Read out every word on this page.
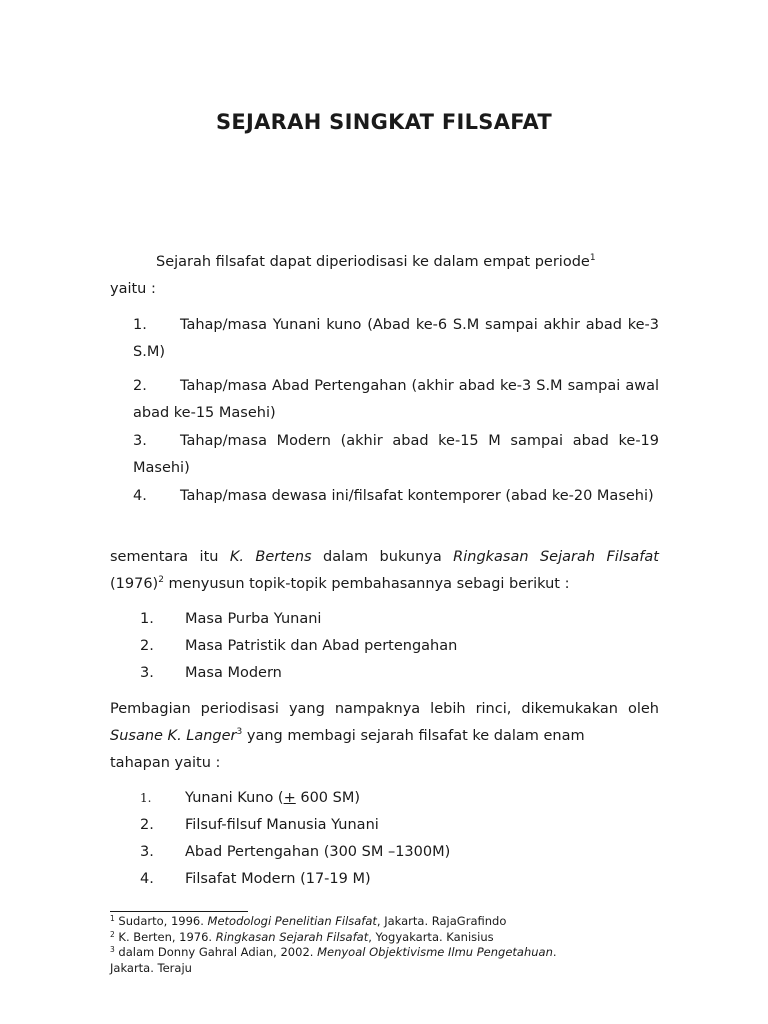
SEJARAH SINGKAT FILSAFAT
Sejarah filsafat dapat diperiodisasi ke dalam empat periode$^1$
yaitu :
1. Tahap/masa Yunani kuno (Abad ke-6 S.M sampai akhir abad ke-3 S.M)
2. Tahap/masa Abad Pertengahan (akhir abad ke-3 S.M sampai awal abad ke-15 Masehi)
3. Tahap/masa Modern (akhir abad ke-15 M sampai abad ke-19 Masehi)
4. Tahap/masa dewasa ini/filsafat kontemporer (abad ke-20 Masehi)
sementara itu K. Bertens dalam bukunya Ringkasan Sejarah Filsafat $(1976)^2$ menyusun topik-topik pembahasannya sebagi berikut :
1. Masa Purba Yunani
2. Masa Patristik dan Abad pertengahan
3. Masa Modern
Pembagian periodisasi yang nampaknya lebih rinci, dikemukakan oleh Susane K. Langer$^3$ yang membagi sejarah filsafat ke dalam enam
tahapan yaitu :
1. Yunani Kuno (+ 600 SM)
2. Filsuf-filsuf Manusia Yunani
3. Abad Pertengahan (300 SM –1300M)
4. Filsafat Modern (17-19 M)
$^1$ Sudarto, 1996. Metodologi Penelitian Filsafat, Jakarta. RajaGrafindo
$^2$ K. Berten, 1976. Ringkasan Sejarah Filsafat, Yogyakarta. Kanisius
$^3$ dalam Donny Gahral Adian, 2002. Menyoal Objektivisme Ilmu Pengetahuan.
Jakarta. Teraju
